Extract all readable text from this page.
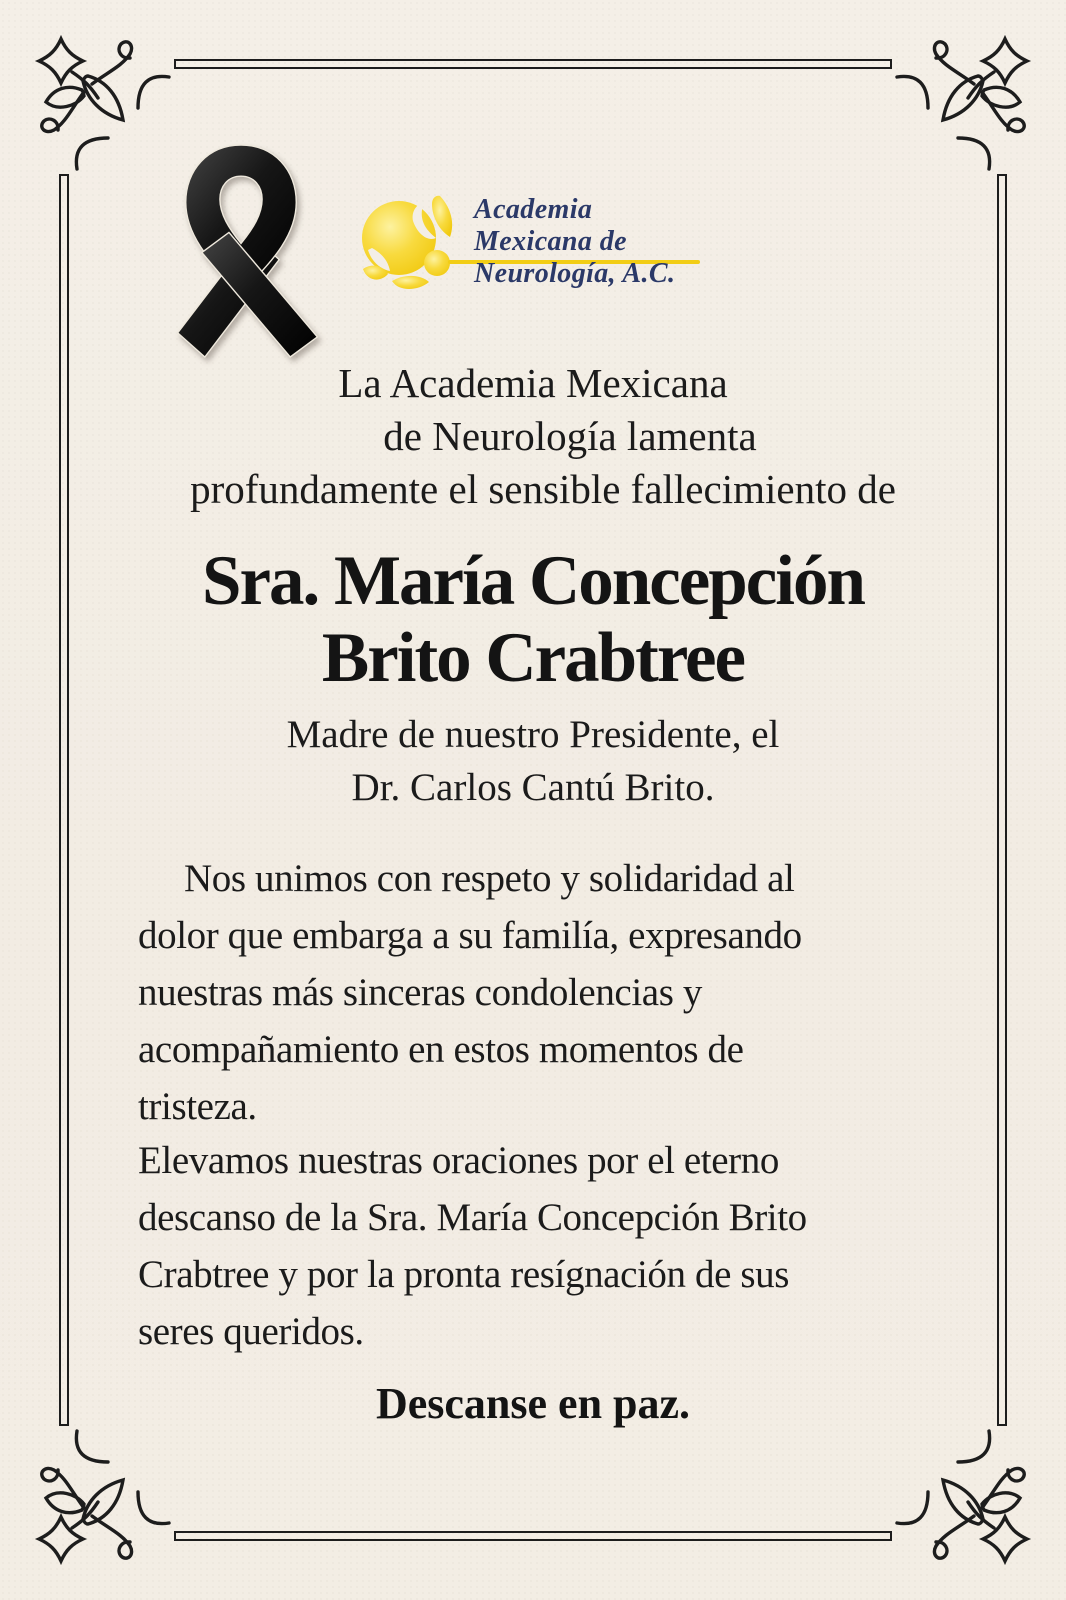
Academia
Mexicana de
Neurología, A.C.
La Academia Mexicana
de Neurología lamenta
profundamente el sensible fallecimiento de
Sra. María Concepción
Brito Crabtree
Madre de nuestro Presidente, el
Dr. Carlos Cantú Brito.
Nos unimos con respeto y solidaridad al
dolor que embarga a su familía, expresando
nuestras más sinceras condolencias y
acompañamiento en estos momentos de
tristeza.
Elevamos nuestras oraciones por el eterno
descanso de la Sra. María Concepción Brito
Crabtree y por la pronta resígnación de sus
seres queridos.
Descanse en paz.
